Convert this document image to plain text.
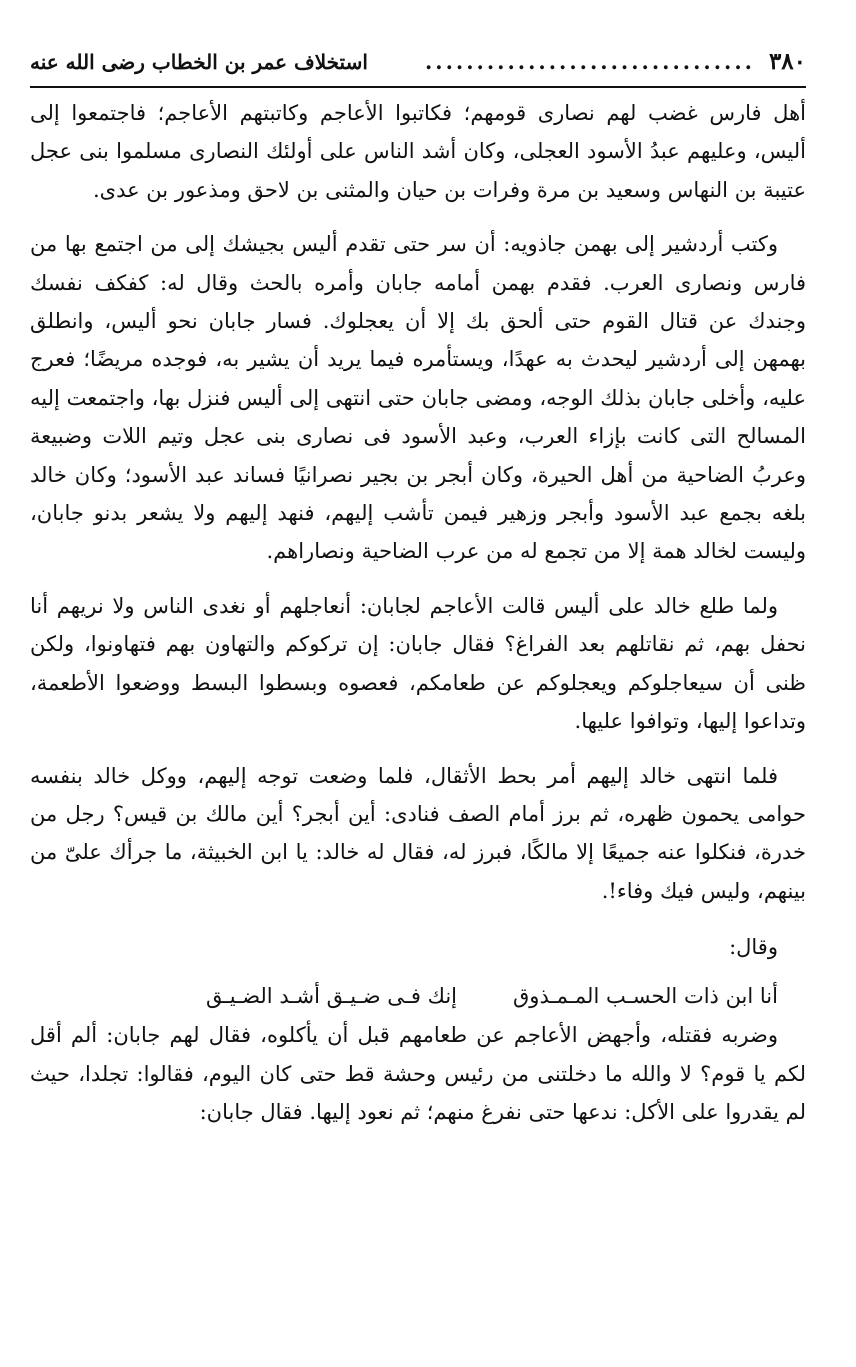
٣٨٠
................................
استخلاف عمر بن الخطاب رضى الله عنه

أهل فارس غضب لهم نصارى قومهم؛ فكاتبوا الأعاجم وكاتبتهم الأعاجم؛ فاجتمعوا إلى أليس، وعليهم عبدُ الأسود العجلى، وكان أشد الناس على أولئك النصارى مسلموا بنى عجل عتيبة بن النهاس وسعيد بن مرة وفرات بن حيان والمثنى بن لاحق ومذعور بن عدى.

وكتب أردشير إلى بهمن جاذويه: أن سر حتى تقدم أليس بجيشك إلى من اجتمع بها من فارس ونصارى العرب. فقدم بهمن أمامه جابان وأمره بالحث وقال له: كفكف نفسك وجندك عن قتال القوم حتى ألحق بك إلا أن يعجلوك. فسار جابان نحو أليس، وانطلق بهمهن إلى أردشير ليحدث به عهدًا، ويستأمره فيما يريد أن يشير به، فوجده مريضًا؛ فعرج عليه، وأخلى جابان بذلك الوجه، ومضى جابان حتى انتهى إلى أليس فنزل بها، واجتمعت إليه المسالح التى كانت بإزاء العرب، وعبد الأسود فى نصارى بنى عجل وتيم اللات وضبيعة وعربُ الضاحية من أهل الحيرة، وكان أبجر بن بجير نصرانيًا فساند عبد الأسود؛ وكان خالد بلغه بجمع عبد الأسود وأبجر وزهير فيمن تأشب إليهم، فنهد إليهم ولا يشعر بدنو جابان، وليست لخالد همة إلا من تجمع له من عرب الضاحية ونصاراهم.

ولما طلع خالد على أليس قالت الأعاجم لجابان: أنعاجلهم أو نغدى الناس ولا نريهم أنا نحفل بهم، ثم نقاتلهم بعد الفراغ؟ فقال جابان: إن تركوكم والتهاون بهم فتهاونوا، ولكن ظنى أن سيعاجلوكم ويعجلوكم عن طعامكم، فعصوه وبسطوا البسط ووضعوا الأطعمة، وتداعوا إليها، وتوافوا عليها.

فلما انتهى خالد إليهم أمر بحط الأثقال، فلما وضعت توجه إليهم، ووكل خالد بنفسه حوامى يحمون ظهره، ثم برز أمام الصف فنادى: أين أبجر؟ أين مالك بن قيس؟ رجل من خدرة، فنكلوا عنه جميعًا إلا مالكًا، فبرز له، فقال له خالد: يا ابن الخبيثة، ما جرأك علىّ من بينهم، وليس فيك وفاء!.

وقال:

أنا ابن ذات الحسـب المـمـذوق
إنك فـى ضـيـق أشـد الضـيـق

وضربه فقتله، وأجهض الأعاجم عن طعامهم قبل أن يأكلوه، فقال لهم جابان: ألم أقل لكم يا قوم؟ لا والله ما دخلتنى من رئيس وحشة قط حتى كان اليوم، فقالوا: تجلدا، حيث لم يقدروا على الأكل: ندعها حتى نفرغ منهم؛ ثم نعود إليها. فقال جابان:
